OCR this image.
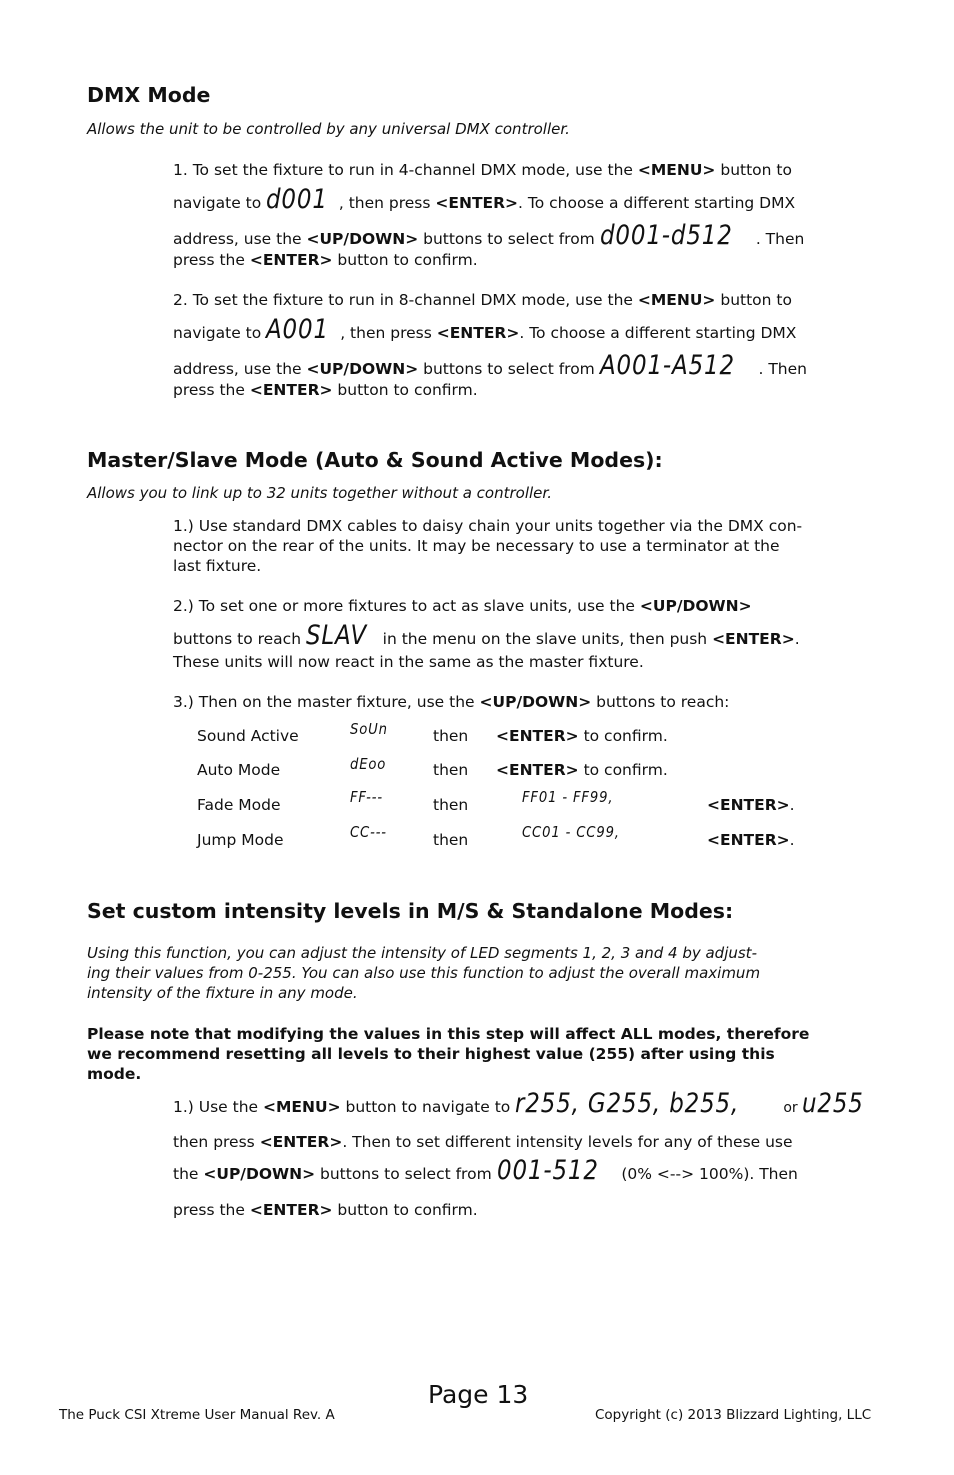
DMX Mode
Allows the unit to be controlled by any universal DMX controller.
1. To set the fixture to run in 4-channel DMX mode, use the <MENU> button to
navigate to d001 , then press <ENTER>. To choose a different starting DMX
address, use the <UP/DOWN> buttons to select from d001-d512 . Then
press the <ENTER> button to confirm.
2. To set the fixture to run in 8-channel DMX mode, use the <MENU> button to
navigate to A001 , then press <ENTER>. To choose a different starting DMX
address, use the <UP/DOWN> buttons to select from A001-A512 . Then
press the <ENTER> button to confirm.
Master/Slave Mode (Auto & Sound Active Modes):
Allows you to link up to 32 units together without a controller.
1.) Use standard DMX cables to daisy chain your units together via the DMX con-
nector on the rear of the units. It may be necessary to use a terminator at the
last fixture.
2.) To set one or more fixtures to act as slave units, use the <UP/DOWN>
buttons to reach SLAV in the menu on the slave units, then push <ENTER>.
These units will now react in the same as the master fixture.
3.) Then on the master fixture, use the <UP/DOWN> buttons to reach:
Sound Active	SoUn	then <ENTER> to confirm.
Auto Mode	dEoo	then <ENTER> to confirm.
Fade Mode	FF---	then	FF01 - FF99,	<ENTER>.
Jump Mode	CC---	then	CC01 - CC99,	<ENTER>.
Set custom intensity levels in M/S & Standalone Modes:
Using this function, you can adjust the intensity of LED segments 1, 2, 3 and 4 by adjust-
ing their values from 0-255. You can also use this function to adjust the overall maximum
intensity of the fixture in any mode.
Please note that modifying the values in this step will affect ALL modes, therefore
we recommend resetting all levels to their highest value (255) after using this
mode.
1.) Use the <MENU> button to navigate to r255, G255, b255,	or u255
then press <ENTER>. Then to set different intensity levels for any of these use
the <UP/DOWN> buttons to select from 001-512 (0% <--> 100%). Then
press the <ENTER> button to confirm.
Page 13
The Puck CSI Xtreme User Manual Rev. A	Copyright (c) 2013 Blizzard Lighting, LLC
